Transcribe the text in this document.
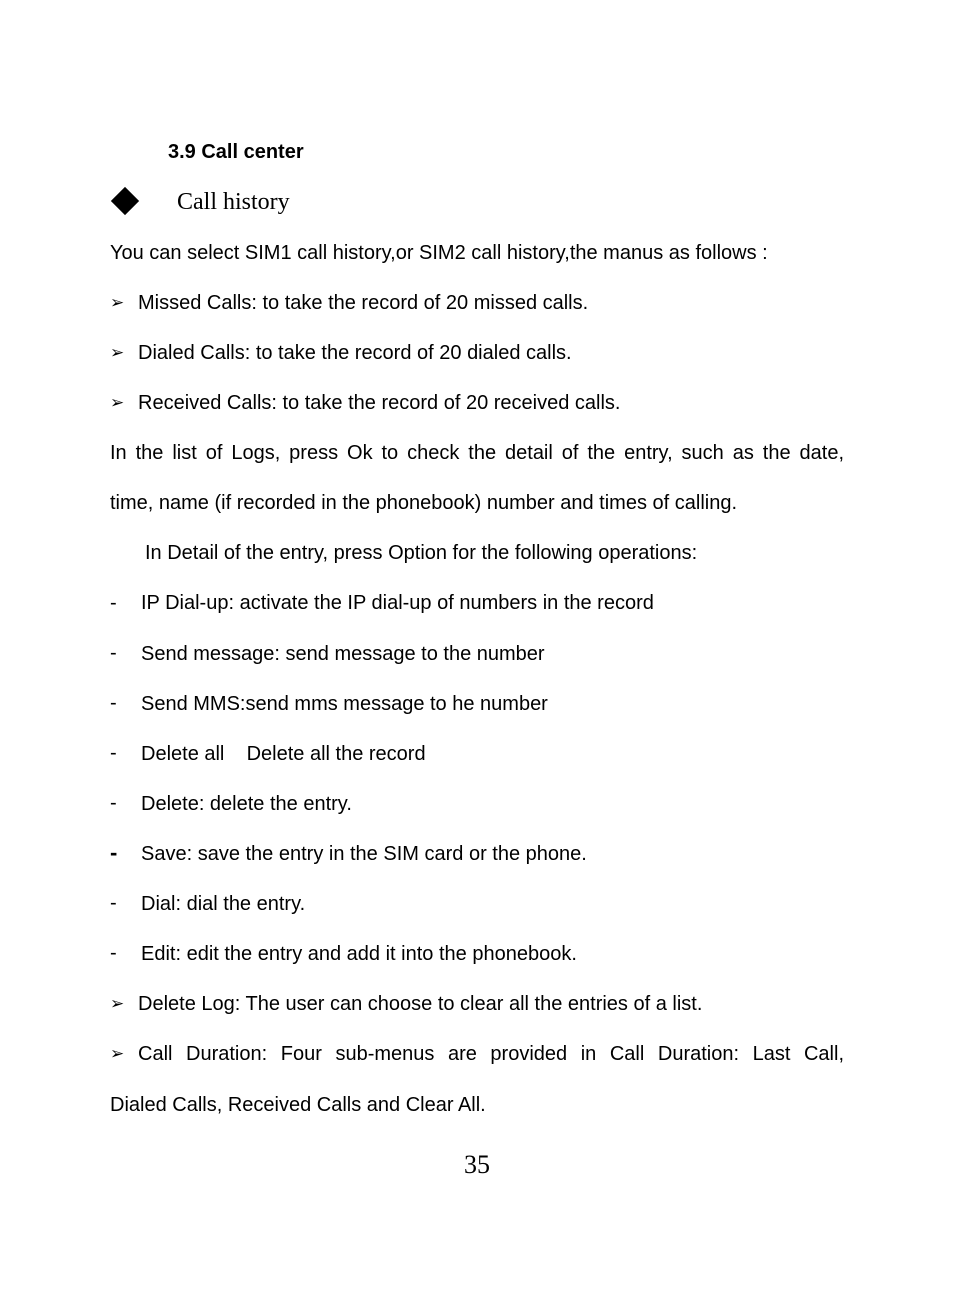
3.9 Call center
Call history
You can select SIM1 call history,or SIM2 call history,the manus as follows :
➢ Missed Calls: to take the record of 20 missed calls.
➢ Dialed Calls: to take the record of 20 dialed calls.
➢ Received Calls: to take the record of 20 received calls.
In the list of Logs, press Ok to check the detail of the entry, such as the date,
time, name (if recorded in the phonebook) number and times of calling.
In Detail of the entry, press Option for the following operations:
- IP Dial-up: activate the IP dial-up of numbers in the record
- Send message: send message to the number
- Send MMS:send mms message to he number
- Delete all    Delete all the record
- Delete: delete the entry.
- Save: save the entry in the SIM card or the phone.
- Dial: dial the entry.
- Edit: edit the entry and add it into the phonebook.
➢ Delete Log: The user can choose to clear all the entries of a list.
➢ Call Duration: Four sub-menus are provided in Call Duration: Last Call,
Dialed Calls, Received Calls and Clear All.
35
